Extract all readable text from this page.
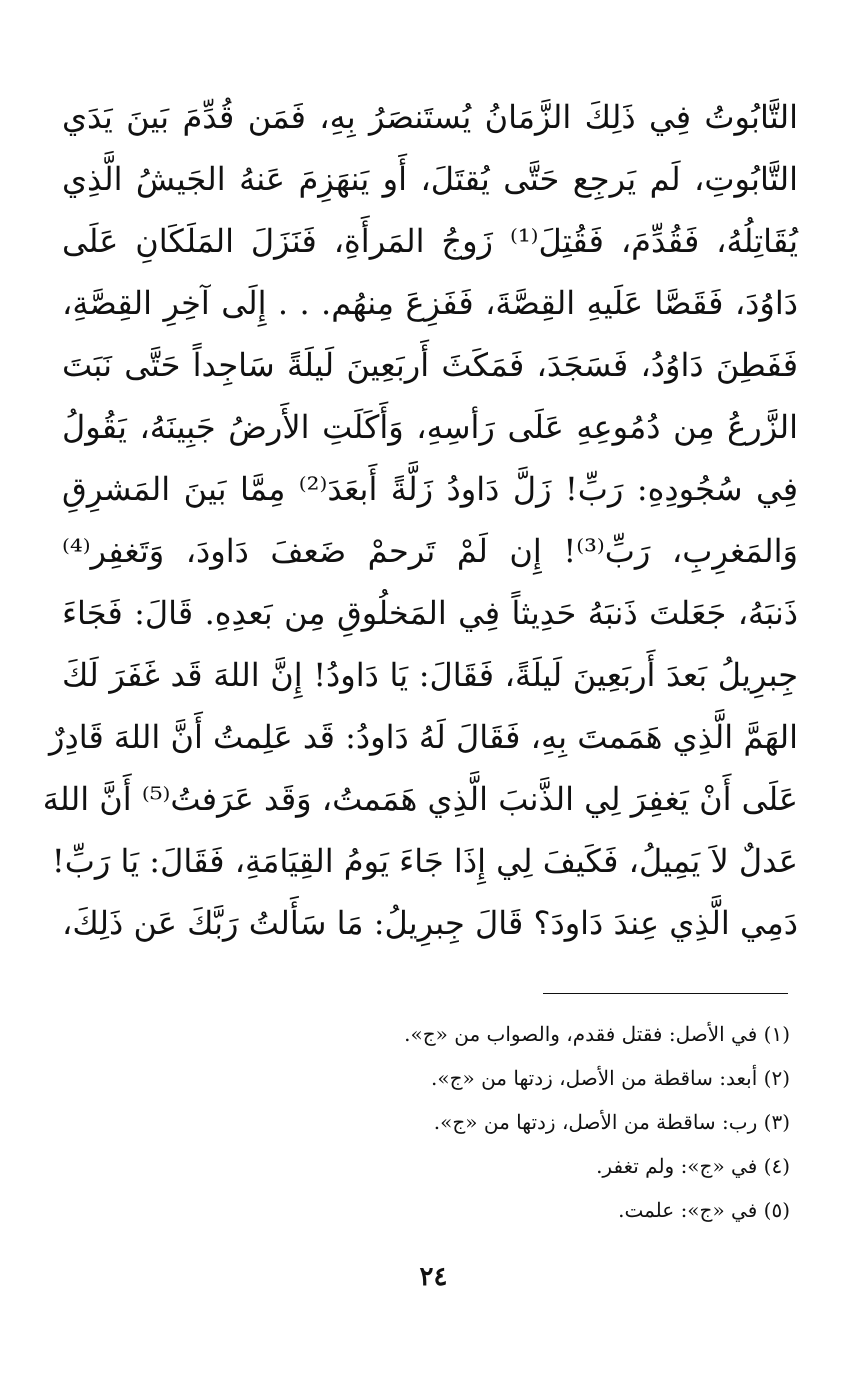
التَّابُوتُ فِي ذَلِكَ الزَّمَانُ يُستَنصَرُ بِهِ، فَمَن قُدِّمَ بَينَ يَدَي
التَّابُوتِ، لَم يَرجِع حَتَّى يُقتَلَ، أَو يَنهَزِمَ عَنهُ الجَيشُ الَّذِي
يُقَاتِلُهُ، فَقُدِّمَ، فَقُتِلَ⁽¹⁾ زَوجُ المَرأَةِ، فَنَزَلَ المَلَكَانِ عَلَى
دَاوُدَ، فَقَصَّا عَلَيهِ القِصَّةَ، فَفَزِعَ مِنهُم. . . إِلَى آخِرِ القِصَّةِ،
فَفَطِنَ دَاوُدُ، فَسَجَدَ، فَمَكَثَ أَربَعِينَ لَيلَةً سَاجِداً حَتَّى نَبَتَ
الزَّرعُ مِن دُمُوعِهِ عَلَى رَأسِهِ، وَأَكَلَتِ الأَرضُ جَبِينَهُ، يَقُولُ
فِي سُجُودِهِ: رَبِّ! زَلَّ دَاودُ زَلَّةً أَبعَدَ⁽²⁾ مِمَّا بَينَ المَشرِقِ
وَالمَغرِبِ، رَبِّ⁽³⁾! إِن لَمْ تَرحمْ ضَعفَ دَاودَ، وَتَغفِر⁽⁴⁾
ذَنبَهُ، جَعَلتَ ذَنبَهُ حَدِيثاً فِي المَخلُوقِ مِن بَعدِهِ. قَالَ: فَجَاءَ
جِبرِيلُ بَعدَ أَربَعِينَ لَيلَةً، فَقَالَ: يَا دَاودُ! إِنَّ اللهَ قَد غَفَرَ لَكَ
الهَمَّ الَّذِي هَمَمتَ بِهِ، فَقَالَ لَهُ دَاودُ: قَد عَلِمتُ أَنَّ اللهَ قَادِرٌ
عَلَى أَنْ يَغفِرَ لِي الذَّنبَ الَّذِي هَمَمتُ، وَقَد عَرَفتُ⁽⁵⁾ أَنَّ اللهَ
عَدلٌ لاَ يَمِيلُ، فَكَيفَ لِي إِذَا جَاءَ يَومُ القِيَامَةِ، فَقَالَ: يَا رَبِّ!
دَمِي الَّذِي عِندَ دَاودَ؟ قَالَ جِبرِيلُ: مَا سَأَلتُ رَبَّكَ عَن ذَلِكَ،
(١) في الأصل: فقتل فقدم، والصواب من «ج».
(٢) أبعد: ساقطة من الأصل، زدتها من «ج».
(٣) رب: ساقطة من الأصل، زدتها من «ج».
(٤) في «ج»: ولم تغفر.
(٥) في «ج»: علمت.
٢٤
